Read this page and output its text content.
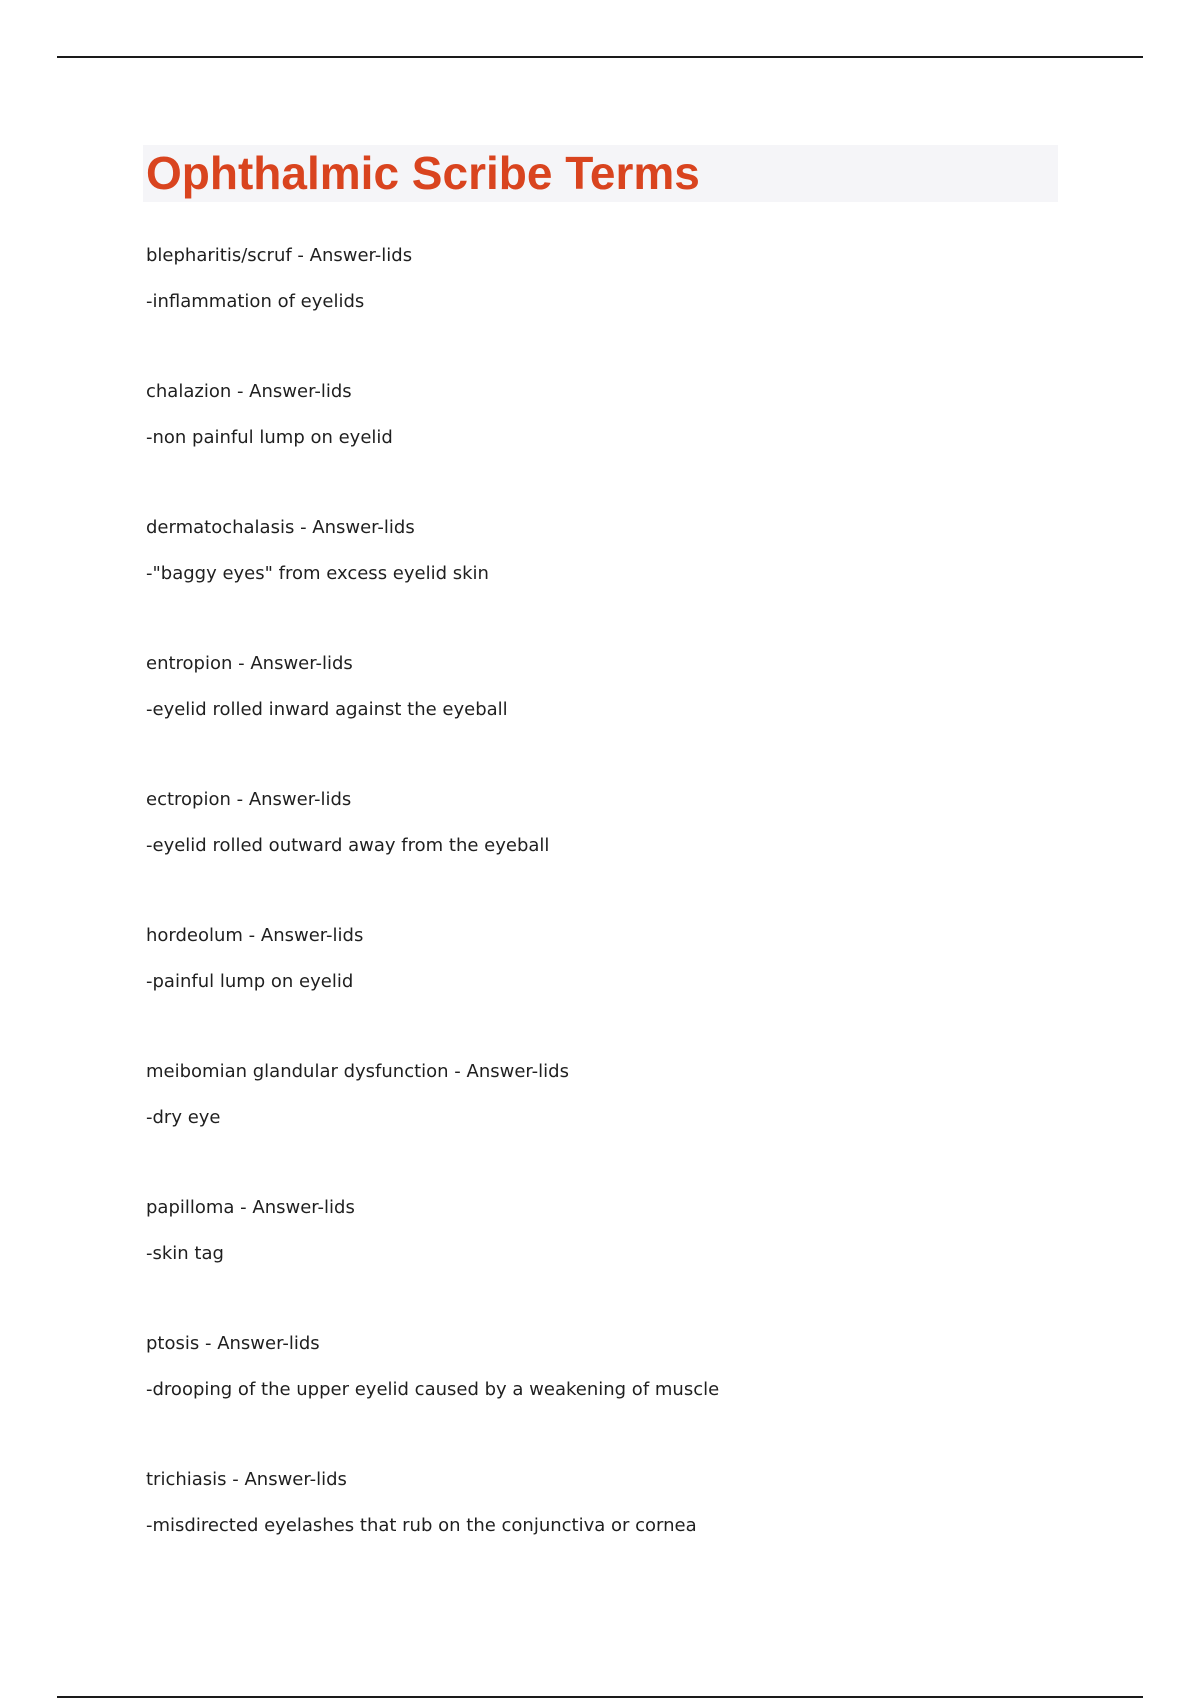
Ophthalmic Scribe Terms
blepharitis/scruf - Answer-lids
-inflammation of eyelids
chalazion - Answer-lids
-non painful lump on eyelid
dermatochalasis - Answer-lids
-"baggy eyes" from excess eyelid skin
entropion - Answer-lids
-eyelid rolled inward against the eyeball
ectropion - Answer-lids
-eyelid rolled outward away from the eyeball
hordeolum - Answer-lids
-painful lump on eyelid
meibomian glandular dysfunction - Answer-lids
-dry eye
papilloma - Answer-lids
-skin tag
ptosis - Answer-lids
-drooping of the upper eyelid caused by a weakening of muscle
trichiasis - Answer-lids
-misdirected eyelashes that rub on the conjunctiva or cornea
